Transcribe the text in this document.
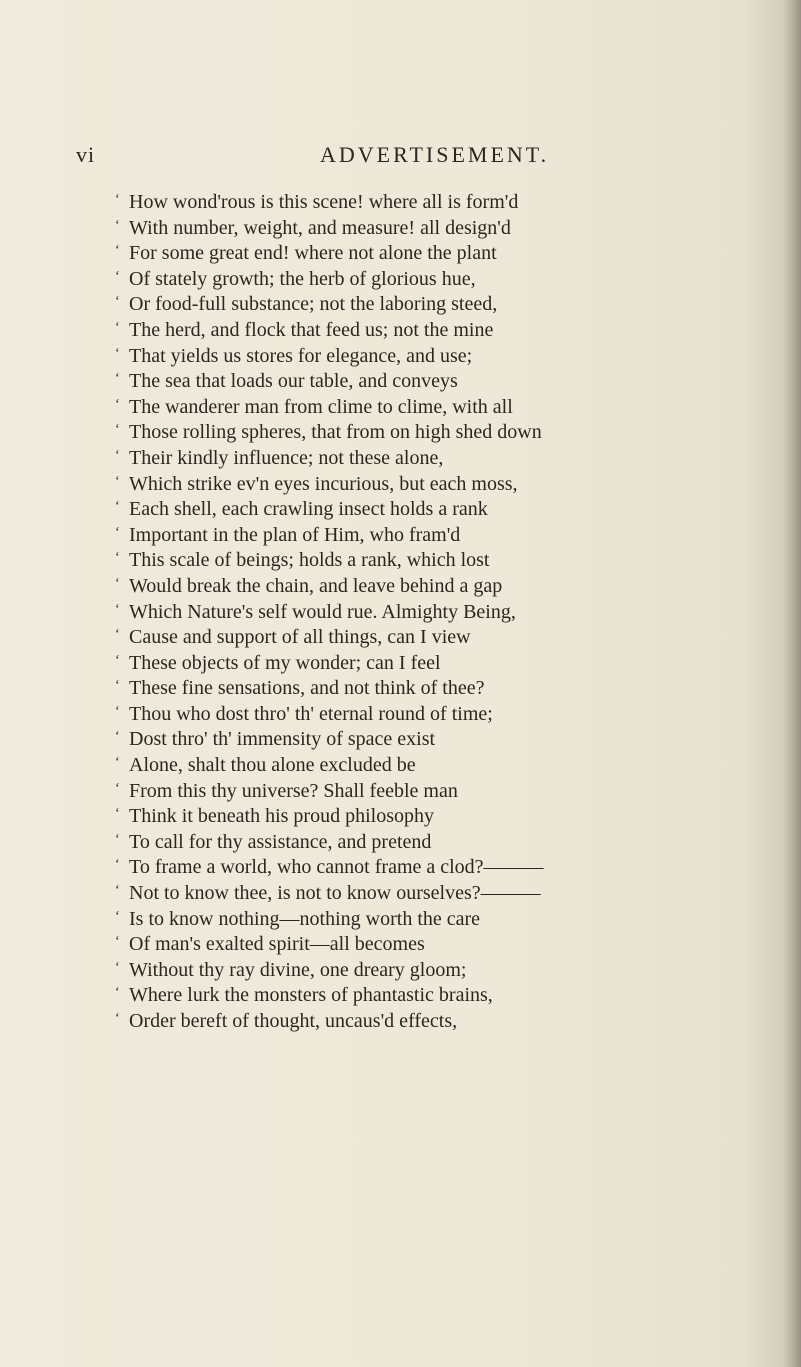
vi	ADVERTISEMENT.
‘ How wond'rous is this scene! where all is form'd
‘ With number, weight, and measure! all design'd
‘ For some great end! where not alone the plant
‘ Of stately growth; the herb of glorious hue,
‘ Or food-full substance; not the laboring steed,
‘ The herd, and flock that feed us; not the mine
‘ That yields us stores for elegance, and use;
‘ The sea that loads our table, and conveys
‘ The wanderer man from clime to clime, with all
‘ Those rolling spheres, that from on high shed down
‘ Their kindly influence; not these alone,
‘ Which strike ev'n eyes incurious, but each moss,
‘ Each shell, each crawling insect holds a rank
‘ Important in the plan of Him, who fram'd
‘ This scale of beings; holds a rank, which lost
‘ Would break the chain, and leave behind a gap
‘ Which Nature's self would rue. Almighty Being,
‘ Cause and support of all things, can I view
‘ These objects of my wonder; can I feel
‘ These fine sensations, and not think of thee?
‘ Thou who dost thro' th' eternal round of time;
‘ Dost thro' th' immensity of space exist
‘ Alone, shalt thou alone excluded be
‘ From this thy universe? Shall feeble man
‘ Think it beneath his proud philosophy
‘ To call for thy assistance, and pretend
‘ To frame a world, who cannot frame a clod?———
‘ Not to know thee, is not to know ourselves?———
‘ Is to know nothing—nothing worth the care
‘ Of man's exalted spirit—all becomes
‘ Without thy ray divine, one dreary gloom;
‘ Where lurk the monsters of phantastic brains,
‘ Order bereft of thought, uncaus'd effects,
